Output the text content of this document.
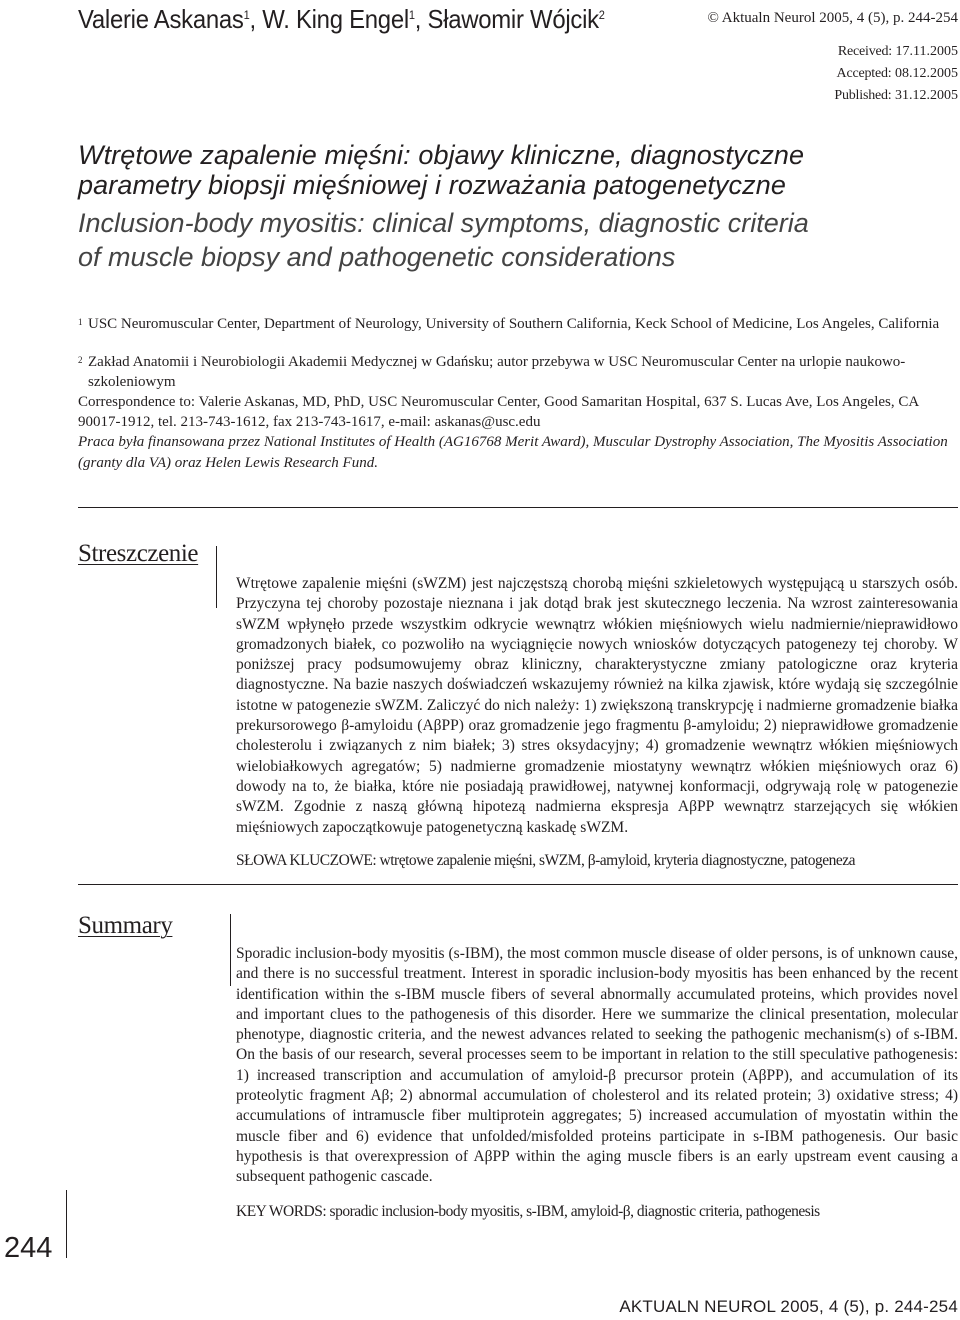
Valerie Askanas$^1$, W. King Engel$^1$, Sławomir Wójcik$^2$	© Aktualn Neurol 2005, 4 (5), p. 244-254
Received: 17.11.2005
Accepted: 08.12.2005
Published: 31.12.2005
Wtrętowe zapalenie mięśni: objawy kliniczne, diagnostyczne
parametry biopsji mięśniowej i rozważania patogenetyczne
Inclusion-body myositis: clinical symptoms, diagnostic criteria
of muscle biopsy and pathogenetic considerations
1 USC Neuromuscular Center, Department of Neurology, University of Southern California, Keck School of Medicine, Los Angeles, California
2 Zakład Anatomii i Neurobiologii Akademii Medycznej w Gdańsku; autor przebywa w USC Neuromuscular Center na urlopie naukowo-szkoleniowym
Correspondence to: Valerie Askanas, MD, PhD, USC Neuromuscular Center, Good Samaritan Hospital, 637 S. Lucas Ave, Los Angeles, CA 90017-1912, tel. 213-743-1612, fax 213-743-1617, e-mail: askanas@usc.edu
Praca była finansowana przez National Institutes of Health (AG16768 Merit Award), Muscular Dystrophy Association, The Myositis Association (granty dla VA) oraz Helen Lewis Research Fund.
Streszczenie
Wtrętowe zapalenie mięśni (sWZM) jest najczęstszą chorobą mięśni szkieletowych występującą u starszych osób. Przyczyna tej choroby pozostaje nieznana i jak dotąd brak jest skutecznego leczenia. Na wzrost zainteresowania sWZM wpłynęło przede wszystkim odkrycie wewnątrz włókien mięśniowych wielu nadmiernie/nieprawidłowo gromadzonych białek, co pozwoliło na wyciągnięcie nowych wniosków dotyczących patogenezy tej choroby. W poniższej pracy podsumowujemy obraz kliniczny, charakterystyczne zmiany patologiczne oraz kryteria diagnostyczne. Na bazie naszych doświadczeń wskazujemy również na kilka zjawisk, które wydają się szczególnie istotne w patogenezie sWZM. Zaliczyć do nich należy: 1) zwiększoną transkrypcję i nadmierne gromadzenie białka prekursorowego β-amyloidu (AβPP) oraz gromadzenie jego fragmentu β-amyloidu; 2) nieprawidłowe gromadzenie cholesterolu i związanych z nim białek; 3) stres oksydacyjny; 4) gromadzenie wewnątrz włókien mięśniowych wielobiałkowych agregatów; 5) nadmierne gromadzenie miostatyny wewnątrz włókien mięśniowych oraz 6) dowody na to, że białka, które nie posiadają prawidłowej, natywnej konformacji, odgrywają rolę w patogenezie sWZM. Zgodnie z naszą główną hipotezą nadmierna ekspresja AβPP wewnątrz starzejących się włókien mięśniowych zapoczątkowuje patogenetyczną kaskadę sWZM.
SŁOWA KLUCZOWE: wtrętowe zapalenie mięśni, sWZM, β-amyloid, kryteria diagnostyczne, patogeneza
Summary
Sporadic inclusion-body myositis (s-IBM), the most common muscle disease of older persons, is of unknown cause, and there is no successful treatment. Interest in sporadic inclusion-body myositis has been enhanced by the recent identification within the s-IBM muscle fibers of several abnormally accumulated proteins, which provides novel and important clues to the pathogenesis of this disorder. Here we summarize the clinical presentation, molecular phenotype, diagnostic criteria, and the newest advances related to seeking the pathogenic mechanism(s) of s-IBM. On the basis of our research, several processes seem to be important in relation to the still speculative pathogenesis: 1) increased transcription and accumulation of amyloid-β precursor protein (AβPP), and accumulation of its proteolytic fragment Aβ; 2) abnormal accumulation of cholesterol and its related protein; 3) oxidative stress; 4) accumulations of intramuscle fiber multiprotein aggregates; 5) increased accumulation of myostatin within the muscle fiber and 6) evidence that unfolded/misfolded proteins participate in s-IBM pathogenesis. Our basic hypothesis is that overexpression of AβPP within the aging muscle fibers is an early upstream event causing a subsequent pathogenic cascade.
KEY WORDS: sporadic inclusion-body myositis, s-IBM, amyloid-β, diagnostic criteria, pathogenesis
244
AKTUALN NEUROL 2005, 4 (5), p. 244-254
